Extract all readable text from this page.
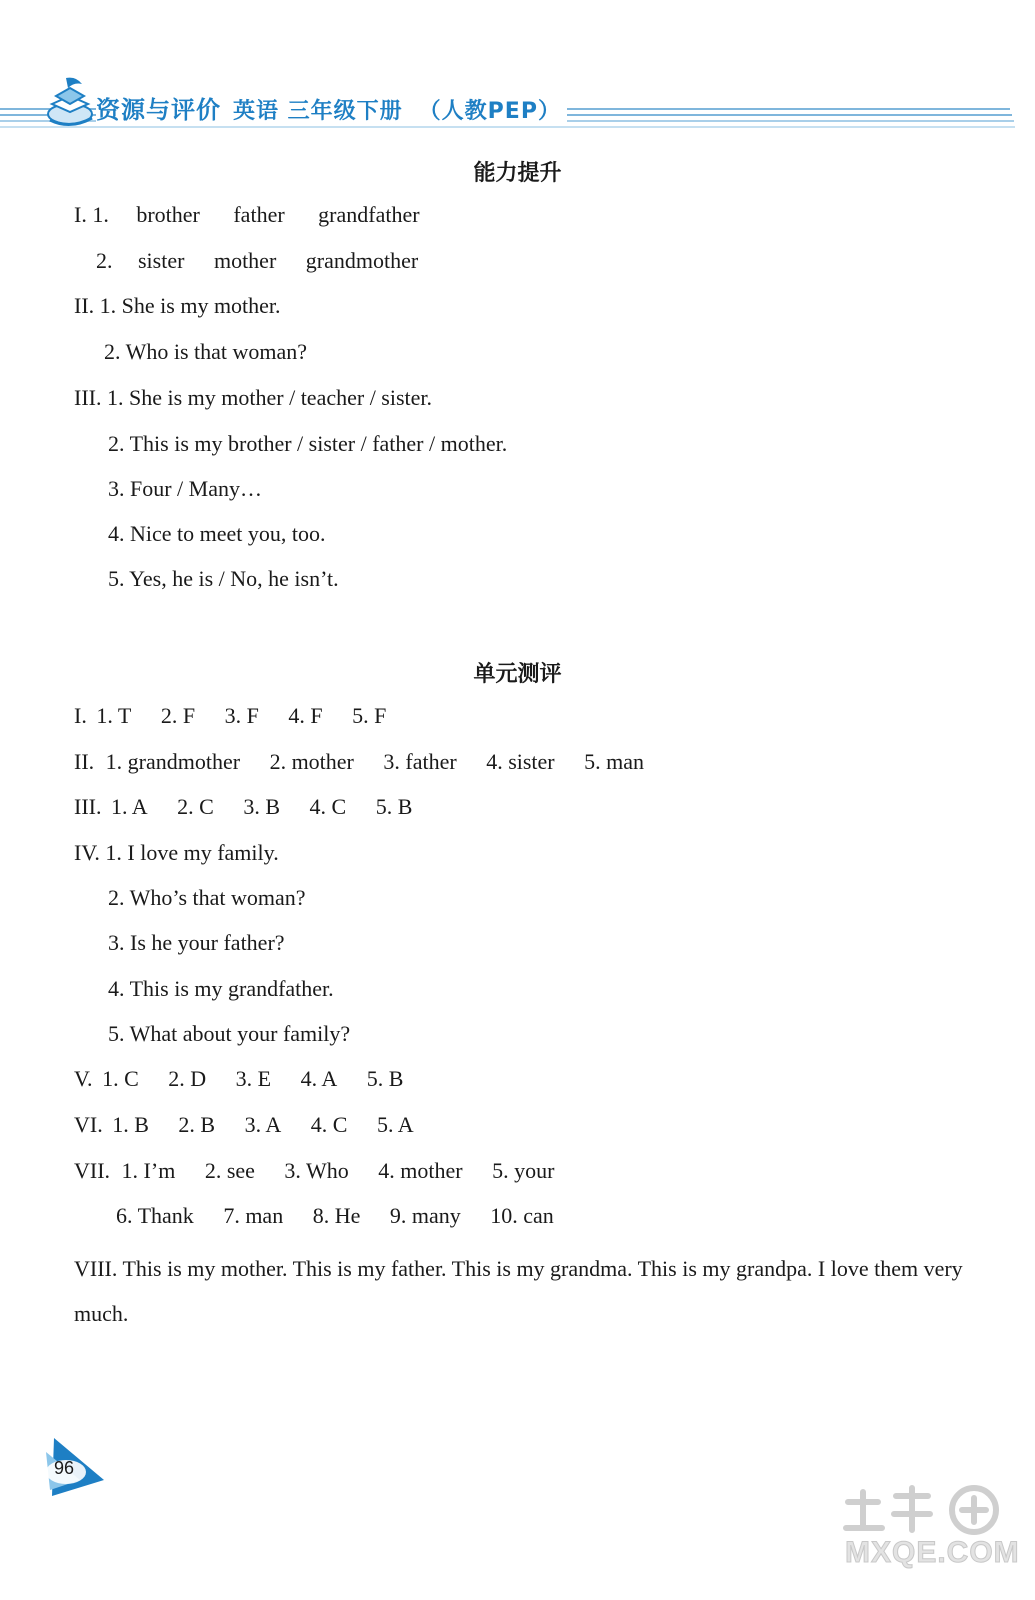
资源与评价 英语 三年级下册 （人教PEP）
能力提升
I. 1. brother father grandfather
2. sister mother grandmother
II. 1. She is my mother.
2. Who is that woman?
III. 1. She is my mother / teacher / sister.
2. This is my brother / sister / father / mother.
3. Four / Many…
4. Nice to meet you, too.
5. Yes, he is / No, he isn’t.
单元测评
I. 1. T 2. F 3. F 4. F 5. F
II. 1. grandmother 2. mother 3. father 4. sister 5. man
III. 1. A 2. C 3. B 4. C 5. B
IV. 1. I love my family.
2. Who’s that woman?
3. Is he your father?
4. This is my grandfather.
5. What about your family?
V. 1. C 2. D 3. E 4. A 5. B
VI. 1. B 2. B 3. A 4. C 5. A
VII. 1. I’m 2. see 3. Who 4. mother 5. your
6. Thank 7. man 8. He 9. many 10. can
VIII. This is my mother. This is my father. This is my grandma. This is my grandpa. I love them very much.
96
MXQE.COM
